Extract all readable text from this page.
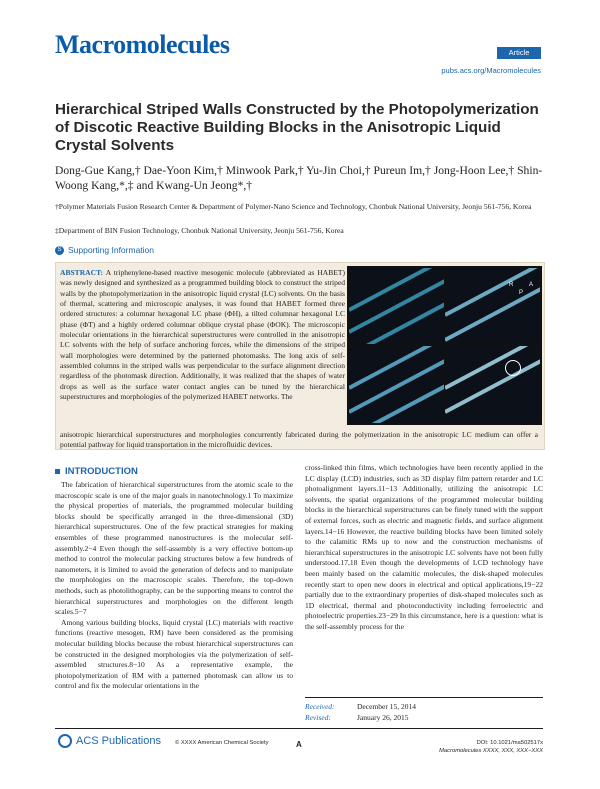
Macromolecules	Article
pubs.acs.org/Macromolecules
Hierarchical Striped Walls Constructed by the Photopolymerization of Discotic Reactive Building Blocks in the Anisotropic Liquid Crystal Solvents
Dong-Gue Kang,† Dae-Yoon Kim,† Minwook Park,† Yu-Jin Choi,† Pureun Im,† Jong-Hoon Lee,† Shin-Woong Kang,*,‡ and Kwang-Un Jeong*,†
†Polymer Materials Fusion Research Center & Department of Polymer-Nano Science and Technology, Chonbuk National University, Jeonju 561-756, Korea
‡Department of BIN Fusion Technology, Chonbuk National University, Jeonju 561-756, Korea
S Supporting Information
ABSTRACT: A triphenylene-based reactive mesogenic molecule (abbreviated as HABET) was newly designed and synthesized as a programmed building block to construct the striped walls by the photopolymerization in the anisotropic liquid crystal (LC) solvents. On the basis of thermal, scattering and microscopic analyses, it was found that HABET formed three ordered structures: a columnar hexagonal LC phase (ΦH), a tilted columnar hexagonal LC phase (ΦT) and a highly ordered columnar oblique crystal phase (ΦOK). The microscopic molecular orientations in the hierarchical superstructures were controlled in the anisotropic LC solvents with the help of surface anchoring forces, while the dimensions of the striped wall morphologies were determined by the patterned photomasks. The long axis of self-assembled columns in the striped walls was perpendicular to the surface alignment direction regardless of the photomask direction. Additionally, it was realized that the shapes of water drops as well as the surface water contact angles can be tuned by the hierarchical superstructures and morphologies of the polymerized HABET networks. The
R
P
A
anisotropic hierarchical superstructures and morphologies concurrently fabricated during the polymerization in the anisotropic LC medium can offer a potential pathway for liquid transportation in the microfluidic devices.
INTRODUCTION
The fabrication of hierarchical superstructures from the atomic scale to the macroscopic scale is one of the major goals in nanotechnology.1 To maximize the physical properties of materials, the programmed molecular building blocks should be specifically arranged in the three-dimensional (3D) hierarchical superstructures. One of the few practical strategies for making ensembles of these programmed nanostructures is the molecular self-assembly.2−4 Even though the self-assembly is a very effective bottom-up method to control the molecular packing structures below a few hundreds of nanometers, it is limited to avoid the generation of defects and to manipulate the morphologies on the macroscopic scales. Therefore, the top-down methods, such as photolithography, can be the supporting means to control the hierarchical superstructures and morphologies on the different length scales.5−7
Among various building blocks, liquid crystal (LC) materials with reactive functions (reactive mesogen, RM) have been considered as the promising molecular building blocks because the robust hierarchical superstructures can be constructed in the designed morphologies via the polymerization of self-assembled structures.8−10 As a representative example, the photopolymerization of RM with a patterned photomask can allow us to control and fix the molecular orientations in the
cross-linked thin films, which technologies have been recently applied in the LC display (LCD) industries, such as 3D display film pattern retarder and LC photoalignment layers.11−13 Additionally, utilizing the anisotropic LC solvents, the spatial organizations of the programmed molecular building blocks in the hierarchical superstructures can be finely tuned with the support of external forces, such as electric and magnetic fields, and surface alignment layers.14−16 However, the reactive building blocks have been limited solely to the calamitic RMs up to now and the construction mechanisms of hierarchical superstructures in the anisotropic LC solvents have not been fully understood.17,18 Even though the developments of LCD technology have been mainly based on the calamitic molecules, the disk-shaped molecules recently start to open new doors in electrical and optical applications,19−22 partially due to the extraordinary properties of disk-shaped molecules such as 1D electrical, thermal and photoconductivity including ferroelectric and photoelectric properties.23−29 In this circumstance, here is a question: what is the self-assembly process for the
Received:	December 15, 2014
Revised:	January 26, 2015
ACS Publications © XXXX American Chemical Society	A	DOI: 10.1021/ma502517x
Macromolecules XXXX, XXX, XXX−XXX
